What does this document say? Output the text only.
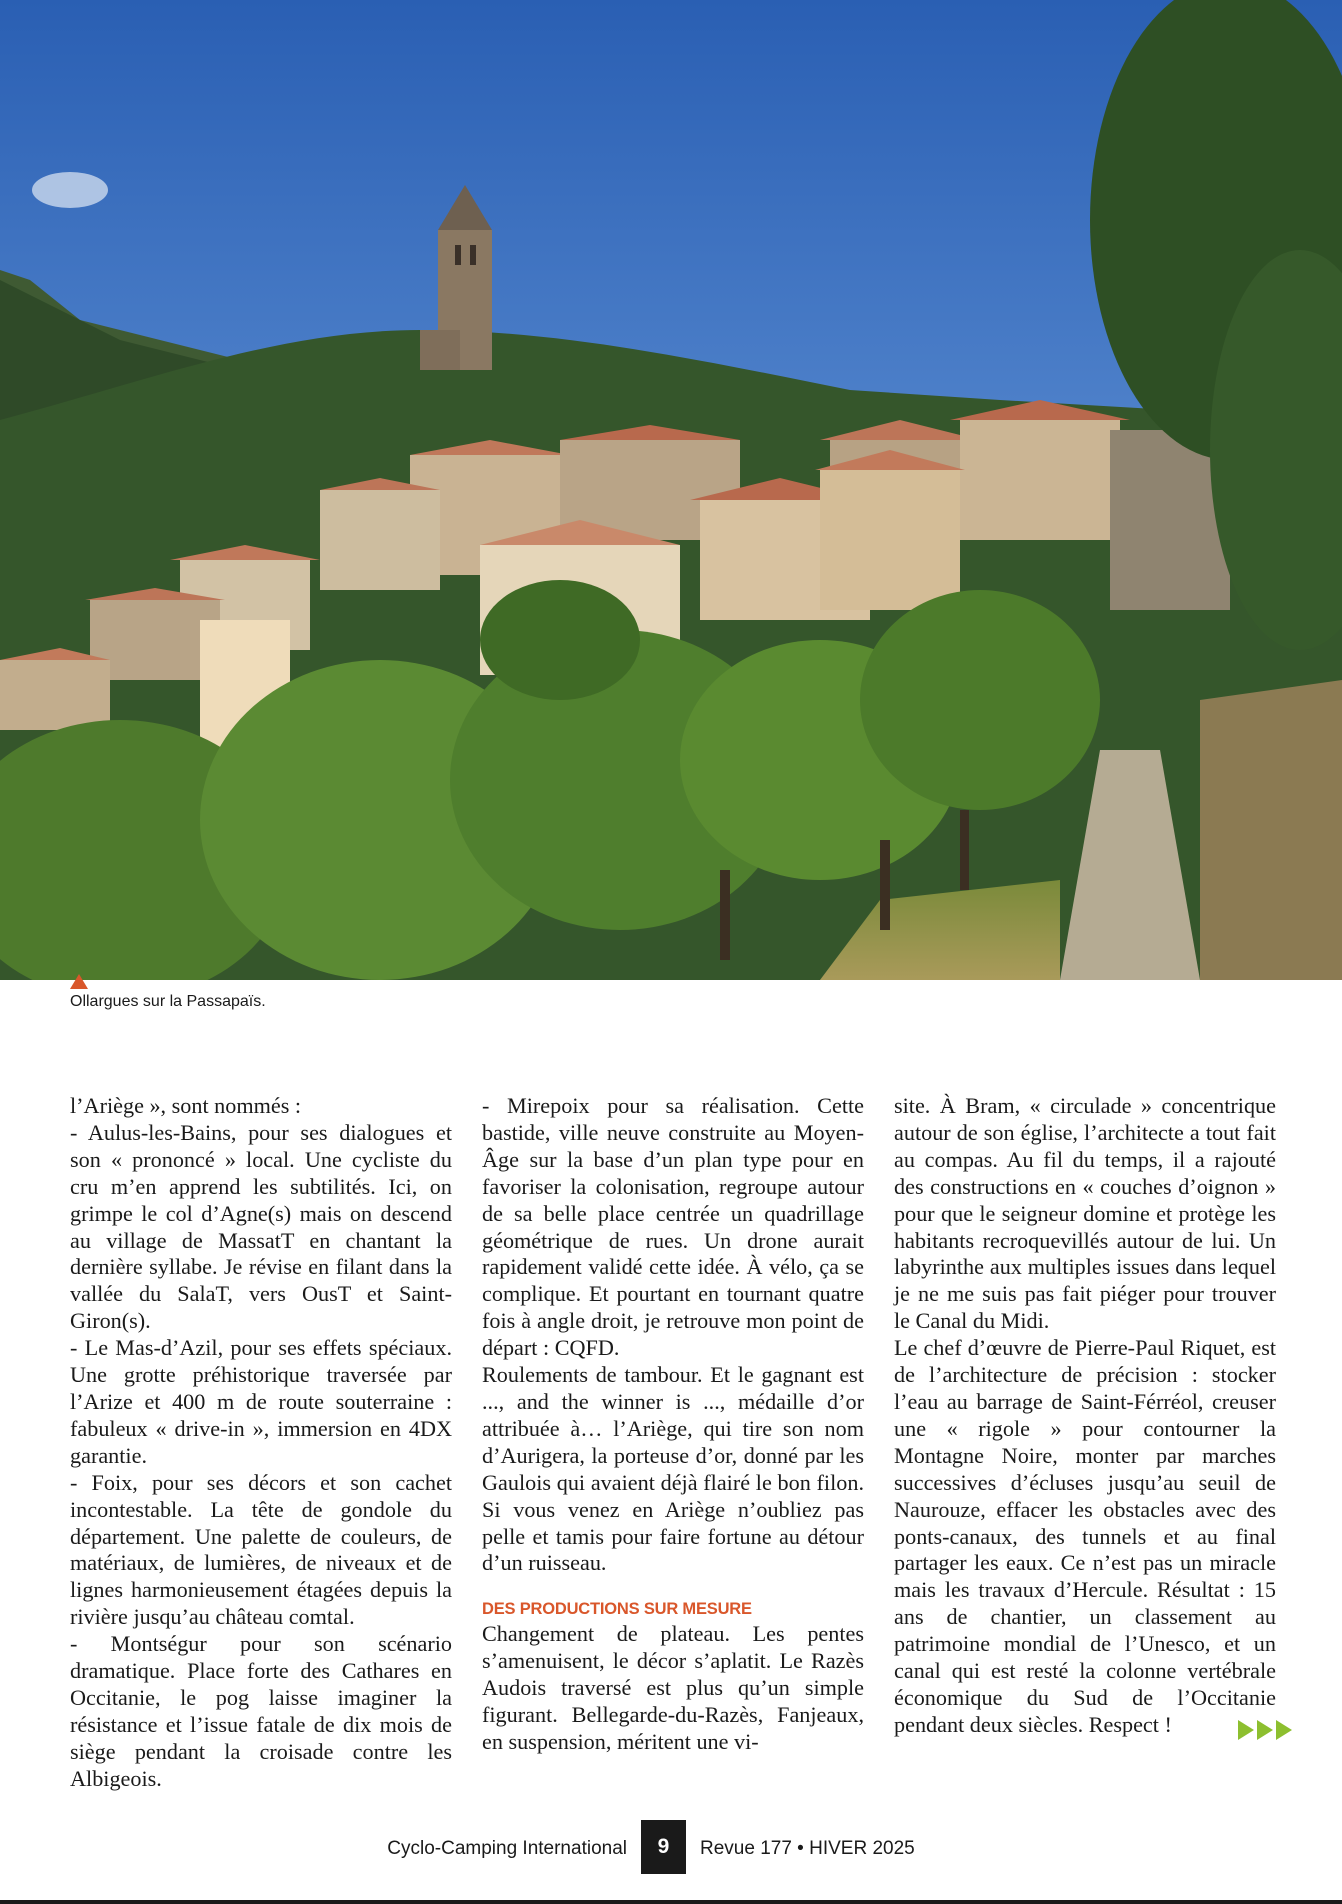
Ollargues sur la Passapaïs.

l’Ariège », sont nommés :

- Aulus-les-Bains, pour ses dialogues et son « prononcé » local. Une cycliste du cru m’en apprend les subtilités. Ici, on grimpe le col d’Agne(s) mais on descend au village de MassatT en chantant la dernière syllabe. Je révise en filant dans la vallée du SalaT, vers OusT et Saint-Giron(s).

- Le Mas-d’Azil, pour ses effets spéciaux. Une grotte préhistorique traversée par l’Arize et 400 m de route souterraine : fabuleux « drive-in », immersion en 4DX garantie.

- Foix, pour ses décors et son cachet incontestable. La tête de gondole du département. Une palette de couleurs, de matériaux, de lumières, de niveaux et de lignes harmonieusement étagées depuis la rivière jusqu’au château comtal.

- Montségur pour son scénario dramatique. Place forte des Cathares en Occitanie, le pog laisse imaginer la résistance et l’issue fatale de dix mois de siège pendant la croisade contre les Albigeois.

- Mirepoix pour sa réalisation. Cette bastide, ville neuve construite au Moyen-Âge sur la base d’un plan type pour en favoriser la colonisation, regroupe autour de sa belle place centrée un quadrillage géométrique de rues. Un drone aurait rapidement validé cette idée. À vélo, ça se complique. Et pourtant en tournant quatre fois à angle droit, je retrouve mon point de départ : CQFD.

Roulements de tambour. Et le gagnant est ..., and the winner is ..., médaille d’or attribuée à… l’Ariège, qui tire son nom d’Aurigera, la porteuse d’or, donné par les Gaulois qui avaient déjà flairé le bon filon. Si vous venez en Ariège n’oubliez pas pelle et tamis pour faire fortune au détour d’un ruisseau.

DES PRODUCTIONS SUR MESURE

Changement de plateau. Les pentes s’amenuisent, le décor s’aplatit. Le Razès Audois traversé est plus qu’un simple figurant. Bellegarde-du-Razès, Fanjeaux, en suspension, méritent une vi-

site. À Bram, « circulade » concentrique autour de son église, l’architecte a tout fait au compas. Au fil du temps, il a rajouté des constructions en « couches d’oignon » pour que le seigneur domine et protège les habitants recroquevillés autour de lui. Un labyrinthe aux multiples issues dans lequel je ne me suis pas fait piéger pour trouver le Canal du Midi.

Le chef d’œuvre de Pierre-Paul Riquet, est de l’architecture de précision : stocker l’eau au barrage de Saint-Férréol, creuser une « rigole » pour contourner la Montagne Noire, monter par marches successives d’écluses jusqu’au seuil de Naurouze, effacer les obstacles avec des ponts-canaux, des tunnels et au final partager les eaux. Ce n’est pas un miracle mais les travaux d’Hercule. Résultat : 15 ans de chantier, un classement au patrimoine mondial de l’Unesco, et un canal qui est resté la colonne vertébrale économique du Sud de l’Occitanie pendant deux siècles. Respect !

Cyclo-Camping International	9	Revue 177 • HIVER 2025
